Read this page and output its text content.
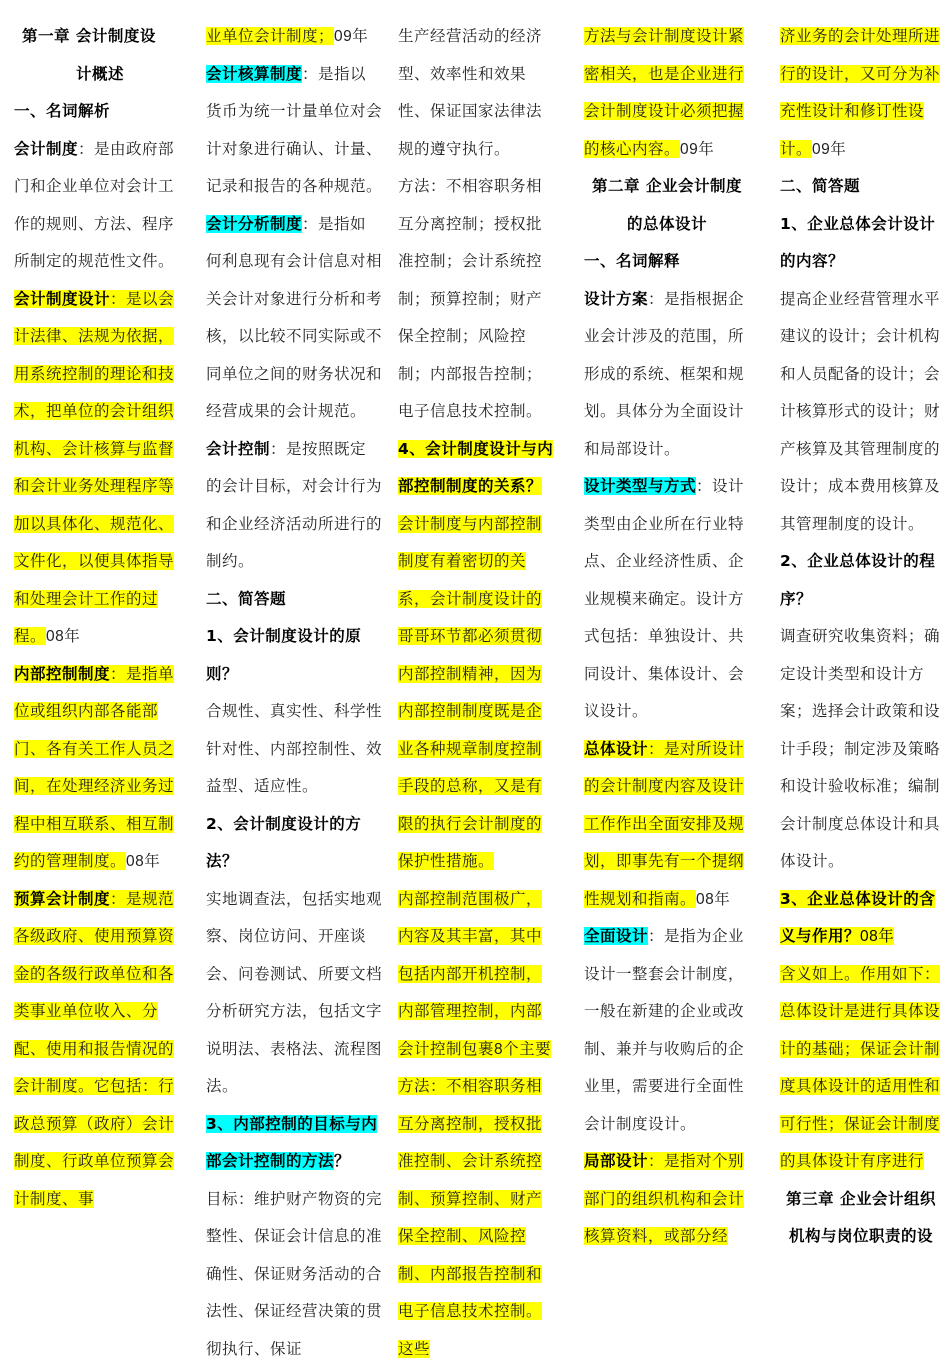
第一章 会计制度设

计概述

一、名词解析

会计制度：是由政府部门和企业单位对会计工作的规则、方法、程序所制定的规范性文件。

会计制度设计：是以会计法律、法规为依据，用系统控制的理论和技术，把单位的会计组织机构、会计核算与监督和会计业务处理程序等加以具体化、规范化、文件化，以便具体指导和处理会计工作的过程。08年

内部控制制度：是指单位或组织内部各能部门、各有关工作人员之间，在处理经济业务过程中相互联系、相互制约的管理制度。08年

预算会计制度：是规范各级政府、使用预算资金的各级行政单位和各类事业单位收入、分配、使用和报告情况的会计制度。它包括：行政总预算（政府）会计制度、行政单位预算会计制度、事

业单位会计制度；09年

会计核算制度：是指以货币为统一计量单位对会计对象进行确认、计量、记录和报告的各种规范。

会计分析制度：是指如何利息现有会计信息对相关会计对象进行分析和考核，以比较不同实际或不同单位之间的财务状况和经营成果的会计规范。

会计控制：是按照既定的会计目标，对会计行为和企业经济活动所进行的制约。

二、简答题

1、会计制度设计的原则？

合规性、真实性、科学性针对性、内部控制性、效益型、适应性。

2、会计制度设计的方法？

实地调查法，包括实地观察、岗位访问、开座谈会、问卷测试、所要文档分析研究方法，包括文字说明法、表格法、流程图法。

3、内部控制的目标与内部会计控制的方法？

目标：维护财产物资的完整性、保证会计信息的准确性、保证财务活动的合法性、保证经营决策的贯彻执行、保证

生产经营活动的经济型、效率性和效果性、保证国家法律法规的遵守执行。

方法：不相容职务相互分离控制；授权批准控制；会计系统控制；预算控制；财产保全控制；风险控制；内部报告控制；电子信息技术控制。

4、会计制度设计与内部控制制度的关系？

会计制度与内部控制制度有着密切的关系，会计制度设计的哥哥环节都必须贯彻内部控制精神，因为内部控制制度既是企业各种规章制度控制手段的总称，又是有限的执行会计制度的保护性措施。

内部控制范围极广，内容及其丰富，其中包括内部开机控制，内部管理控制，内部会计控制包裹8个主要方法：不相容职务相互分离控制，授权批准控制、会计系统控制、预算控制、财产保全控制、风险控制、内部报告控制和电子信息技术控制。这些

方法与会计制度设计紧密相关，也是企业进行会计制度设计必须把握的核心内容。09年

第二章 企业会计制度

的总体设计

一、名词解释

设计方案：是指根据企业会计涉及的范围，所形成的系统、框架和规划。具体分为全面设计和局部设计。

设计类型与方式：设计类型由企业所在行业特点、企业经济性质、企业规模来确定。设计方式包括：单独设计、共同设计、集体设计、会议设计。

总体设计：是对所设计的会计制度内容及设计工作作出全面安排及规划，即事先有一个提纲性规划和指南。08年

全面设计：是指为企业设计一整套会计制度，一般在新建的企业或改制、兼并与收购后的企业里，需要进行全面性会计制度设计。

局部设计：是指对个别部门的组织机构和会计核算资料，或部分经

济业务的会计处理所进行的设计，又可分为补充性设计和修订性设计。09年

二、简答题

1、企业总体会计设计的内容？

提高企业经营管理水平建议的设计；会计机构和人员配备的设计；会计核算形式的设计；财产核算及其管理制度的设计；成本费用核算及其管理制度的设计。

2、企业总体设计的程序？

调查研究收集资料；确定设计类型和设计方案；选择会计政策和设计手段；制定涉及策略和设计验收标准；编制会计制度总体设计和具体设计。

3、企业总体设计的含义与作用？08年

含义如上。作用如下：总体设计是进行具体设计的基础；保证会计制度具体设计的适用性和可行性；保证会计制度的具体设计有序进行

第三章 企业会计组织

机构与岗位职责的设
